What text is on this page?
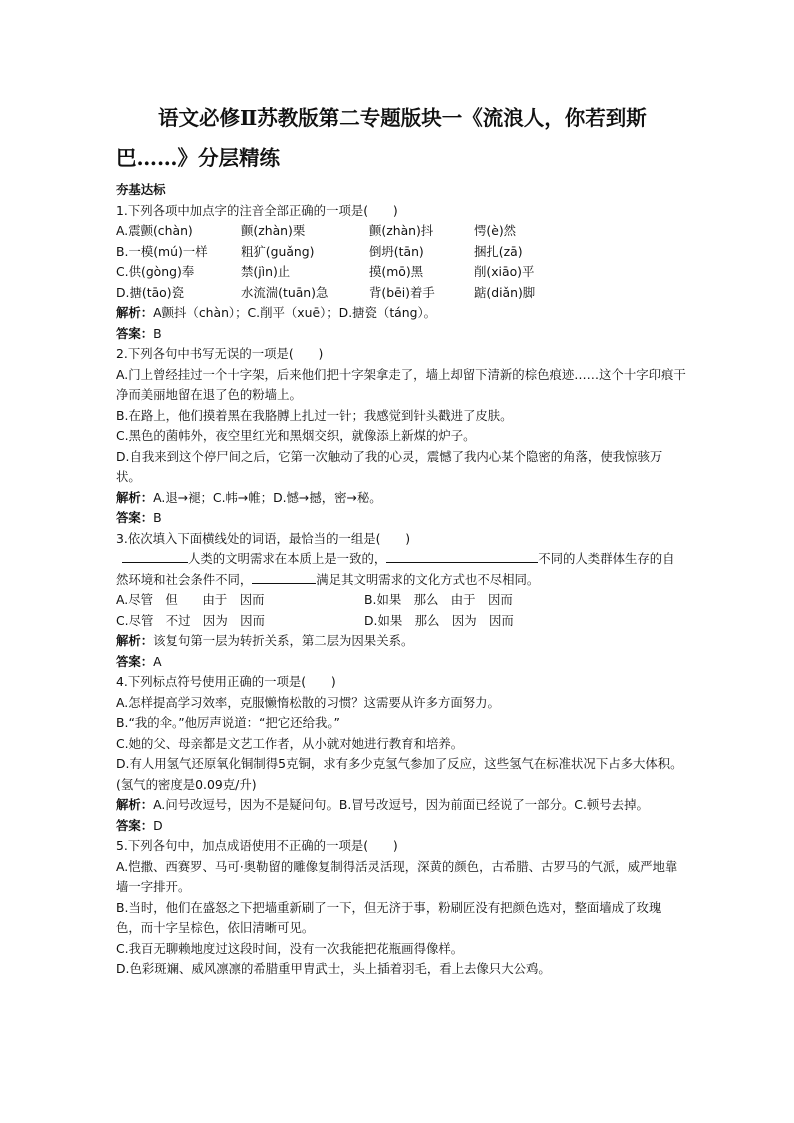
语文必修Ⅱ苏教版第二专题版块一《流浪人，你若到斯
巴……》分层精练
夯基达标

1.下列各项中加点字的注音全部正确的一项是(　　)

A.震颤(chàn)	颤(zhàn)栗	颤(zhàn)抖	愕(è)然
B.一模(mú)一样	粗犷(guǎng)	倒坍(tān)	捆扎(zā)
C.供(gòng)奉	禁(jìn)止	摸(mō)黑	削(xiāo)平
D.搪(tāo)瓷	水流湍(tuān)急	背(bēi)着手	踮(diǎn)脚

解析：A颤抖（chàn）；C.削平（xuē）；D.搪瓷（táng）。

答案：B

2.下列各句中书写无误的一项是(　　)

A.门上曾经挂过一个十字架，后来他们把十字架拿走了，墙上却留下清新的棕色痕迹……这个十字印痕干净而美丽地留在退了色的粉墙上。

B.在路上，他们摸着黑在我胳膊上扎过一针；我感觉到针头戳进了皮肤。

C.黑色的菌帏外，夜空里红光和黑烟交织，就像添上新煤的炉子。

D.自我来到这个停尸间之后，它第一次触动了我的心灵，震憾了我内心某个隐密的角落，使我惊骇万状。

解析：A.退→褪；C.帏→帷；D.憾→撼，密→秘。

答案：B

3.依次填入下面横线处的词语，最恰当的一组是(　　)

人类的文明需求在本质上是一致的，	不同的人类群体生存的自然环境和社会条件不同，	满足其文明需求的文化方式也不尽相同。

A.尽管　但　　由于　因而	B.如果　那么　由于　因而
C.尽管　不过　因为　因而	D.如果　那么　因为　因而

解析：该复句第一层为转折关系，第二层为因果关系。

答案：A

4.下列标点符号使用正确的一项是(　　)

A.怎样提高学习效率，克服懒惰松散的习惯？这需要从许多方面努力。

B.“我的伞。”他厉声说道：“把它还给我。”

C.她的父、母亲都是文艺工作者，从小就对她进行教育和培养。

D.有人用氢气还原氧化铜制得5克铜，求有多少克氢气参加了反应，这些氢气在标准状况下占多大体积。(氢气的密度是0.09克/升)

解析：A.问号改逗号，因为不是疑问句。B.冒号改逗号，因为前面已经说了一部分。C.顿号去掉。

答案：D

5.下列各句中，加点成语使用不正确的一项是(　　)

A.恺撒、西赛罗、马可·奥勒留的雕像复制得活灵活现，深黄的颜色，古希腊、古罗马的气派，威严地靠墙一字排开。

B.当时，他们在盛怒之下把墙重新刷了一下，但无济于事，粉刷匠没有把颜色选对，整面墙成了玫瑰色，而十字呈棕色，依旧清晰可见。

C.我百无聊赖地度过这段时间，没有一次我能把花瓶画得像样。

D.色彩斑斓、威风凛凛的希腊重甲胄武士，头上插着羽毛，看上去像只大公鸡。
